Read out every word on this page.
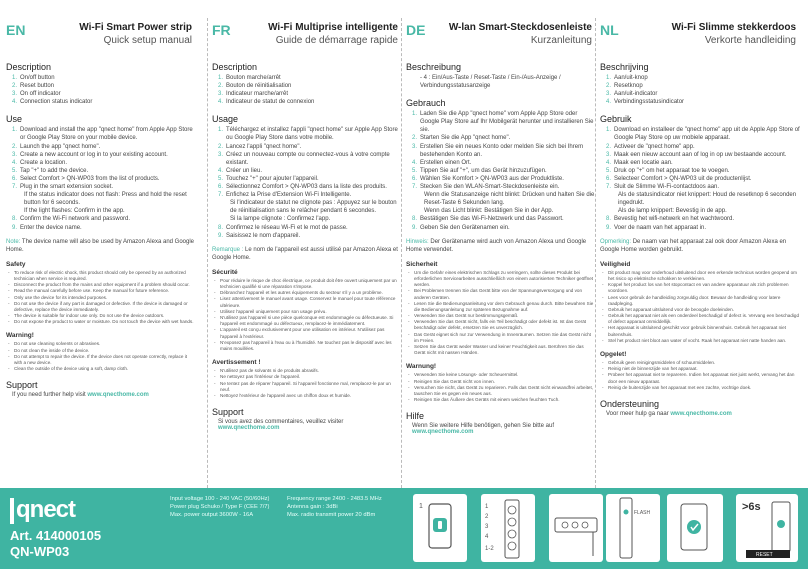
EN	Wi-Fi Smart Power strip
Quick setup manual
Description
1. On/off button
2. Reset button
3. On off indicator
4. Connection status indicator
Use
1. Download and install the app "qnect home" from Apple App Store or Google Play Store on your mobile device.
2. Launch the app "qnect home".
3. Create a new account or log in to your existing account.
4. Create a location.
5. Tap "+" to add the device.
6. Select Comfort > QN-WP03 from the list of products.
7. Plug in the smart extension socket.
If the status indicator does not flash: Press and hold the reset button for 6 seconds.
If the light flashes: Confirm in the app.
8. Confirm the Wi-Fi network and password.
9. Enter the device name.
Note: The device name will also be used by Amazon Alexa and Google Home.
Safety
- To reduce risk of electric shock, this product should only be opened by an authorized technician when service is required.
- Disconnect the product from the mains and other equipment if a problem should occur.
- Read the manual carefully before use. Keep the manual for future reference.
- Only use the device for its intended purposes.
- Do not use the device if any part is damaged or defective. If the device is damaged or defective, replace the device immediately.
- The device is suitable for indoor use only. Do not use the device outdoors.
- Do not expose the product to water or moisture. Do not touch the device with wet hands.
Warning!
- Do not use cleaning solvents or abrasives.
- Do not clean the inside of the device.
- Do not attempt to repair the device. If the device does not operate correctly, replace it with a new device.
- Clean the outside of the device using a soft, damp cloth.
Support
If you need further help visit www.qnecthome.com
FR	Wi-Fi Multiprise intelligente
Guide de démarrage rapide
Description
1. Bouton marche/arrêt
2. Bouton de réinitialisation
3. Indicateur marche/arrêt
4. Indicateur de statut de connexion
Usage
1. Téléchargez et installez l'appli "qnect home" sur Apple App Store ou Google Play Store dans votre mobile.
2. Lancez l'appli "qnect home".
3. Créez un nouveau compte ou connectez-vous à votre compte existant.
4. Créer un lieu.
5. Touchez "+" pour ajouter l'appareil.
6. Sélectionnez Comfort > QN-WP03 dans la liste des produits.
7. Enfichez la Prise d'Extension Wi-Fi Intelligente.
Si l'indicateur de statut ne clignote pas : Appuyez sur le bouton de réinitialisation sans le relâcher pendant 6 secondes.
Si la lampe clignote : Confirmez l'app.
8. Confirmez le réseau Wi-Fi et le mot de passe.
9. Saisissez le nom d'appareil.
Remarque : Le nom de l'appareil est aussi utilisé par Amazon Alexa et Google Home.
Sécurité
- Pour réduire le risque de choc électrique, ce produit doit être ouvert uniquement par un technicien qualifié si une réparation s'impose.
- Débranchez l'appareil et les autres équipements du secteur s'il y a un problème.
- Lisez attentivement le manuel avant usage. Conservez le manuel pour toute référence ultérieure.
- Utilisez l'appareil uniquement pour son usage prévu.
- N'utilisez pas l'appareil si une pièce quelconque est endommagée ou défectueuse. Si l'appareil est endommagé ou défectueux, remplacez-le immédiatement.
- L'appareil est conçu exclusivement pour une utilisation en intérieur. N'utilisez pas l'appareil à l'extérieur.
- N'exposez pas l'appareil à l'eau ou à l'humidité. Ne touchez pas le dispositif avec les mains mouillées.
Avertissement !
- N'utilisez pas de solvants ni de produits abrasifs.
- Ne nettoyez pas l'intérieur de l'appareil.
- Ne tentez pas de réparer l'appareil. Si l'appareil fonctionne mal, remplacez-le par un neuf.
- Nettoyez l'extérieur de l'appareil avec un chiffon doux et humide.
Support
Si vous avez des commentaires, veuillez visiter www.qnecthome.com
DE W-lan Smart-Steckdosenleiste
Kurzanleitung
Beschreibung
- 4 : Ein/Aus-Taste / Reset-Taste / Ein-/Aus-Anzeige / Verbindungsstatusanzeige
Gebrauch
1. Laden Sie die App "qnect home" vom Apple App Store oder Google Play Store auf Ihr Mobilgerät herunter und installieren Sie sie.
2. Starten Sie die App "qnect home".
3. Erstellen Sie ein neues Konto oder melden Sie sich bei Ihrem bestehenden Konto an.
4. Erstellen einen Ort.
5. Tippen Sie auf "+", um das Gerät hinzuzufügen.
6. Wählen Sie Komfort > QN-WP03 aus der Produktliste.
7. Stecken Sie den WLAN-Smart-Steckdosenleiste ein.
Wenn die Statusanzeige nicht blinkt: Drücken und halten Sie die Reset-Taste 6 Sekunden lang.
Wenn das Licht blinkt: Bestätigen Sie in der App.
8. Bestätigen Sie das Wi-Fi-Netzwerk und das Passwort.
9. Geben Sie den Gerätenamen ein.
Hinweis: Der Gerätename wird auch von Amazon Alexa und Google Home verwendet.
Sicherheit
- Um die Gefahr eines elektrischen Schlags zu verringern, sollte dieses Produkt bei erforderlichen Servicearbeiten ausschließlich von einem autorisierten Techniker geöffnet werden.
- Bei Problemen trennen Sie das Gerät bitte von der Spannungsversorgung und von anderen Geräten.
- Lesen Sie die Bedienungsanleitung vor dem Gebrauch genau durch. Bitte bewahren Sie die Bedienungsanleitung zur späteren Bezugnahme auf.
- Verwenden Sie das Gerät nur bestimmungsgemäß.
- Verwenden Sie das Gerät nicht, falls ein Teil beschädigt oder defekt ist. Ist das Gerät beschädigt oder defekt, ersetzen Sie es unverzüglich.
- Das Gerät eignet sich nur zur Verwendung in Innenräumen. Setzen Sie das Gerät nicht im Freien.
- Setzen Sie das Gerät weder Wasser und keiner Feuchtigkeit aus. Berühren Sie das Gerät nicht mit nassen Händen.
Warnung!
- Verwenden Sie keine Lösungs- oder Scheuermittel.
- Reinigen Sie das Gerät nicht von innen.
- Versuchen Sie nicht, das Gerät zu reparieren. Falls das Gerät nicht einwandfrei arbeitet, tauschen Sie es gegen ein neues aus.
- Reinigen Sie das Äußere des Geräts mit einem weichen feuchten Tuch.
Hilfe
Wenn Sie weitere Hilfe benötigen, gehen Sie bitte auf www.qnecthome.com
NL	Wi-Fi Slimme stekkerdoos
Verkorte handleiding
Beschrijving
1. Aan/uit-knop
2. Resetknop
3. Aan/uit-indicator
4. Verbindingsstatusindicator
Gebruik
1. Download en installeer de "qnect home" app uit de Apple App Store of Google Play Store op uw mobiele apparaat.
2. Activeer de "qnect home" app.
3. Maak een nieuw account aan of log in op uw bestaande account.
4. Maak een locatie aan.
5. Druk op "+" om het apparaat toe te voegen.
6. Selecteer Comfort > QN-WP03 uit de productenlijst.
7. Sluit de Slimme Wi-Fi-contactdoos aan.
Als de statusindicator niet knippert: Houd de resetknop 6 seconden ingedrukt.
Als de lamp knippert: Bevestig in de app.
8. Bevestig het wifi-netwerk en het wachtwoord.
9. Voer de naam van het apparaat in.
Opmerking: De naam van het apparaat zal ook door Amazon Alexa en Google Home worden gebruikt.
Veiligheid
- Dit product mag voor onderhoud uitsluitend door een erkende technicus worden geopend om het risico op elektrische schokken te verkleinen.
- Koppel het product los van het stopcontact en van andere apparatuur als zich problemen voordoen.
- Lees voor gebruik de handleiding zorgvuldig door. Bewaar de handleiding voor latere raadpleging.
- Gebruik het apparaat uitsluitend voor de beoogde doeleinden.
- Gebruik het apparaat niet als een onderdeel beschadigd of defect is. Vervang een beschadigd of defect apparaat onmiddellijk.
- Het apparaat is uitsluitend geschikt voor gebruik binnenshuis. Gebruik het apparaat niet buitenshuis.
- Stel het product niet bloot aan water of vocht. Raak het apparaat niet natte handen aan.
Opgelet!
- Gebruik geen reinigingsmiddelen of schuurmiddelen.
- Reinig niet de binnenzijde van het apparaat.
- Probeer het apparaat niet te repareren. Indien het apparaat niet juist werkt, vervang het dan door een nieuw apparaat.
- Reinig de buitenzijde van het apparaat met een zachte, vochtige doek.
Ondersteuning
Voor meer hulp ga naar www.qnecthome.com
qnect
Art. 414000105
QN-WP03
Input voltage 100 - 240 VAC (50/60Hz)
Power plug Schuko / Type F (CEE 7/7)
Max. power output 3600W - 16A
Frequency range 2400 - 2483.5 MHz
Antenna gain : 3dBi
Max. radio transmit power 20 dBm
1	1
2
3
4
1-2
FLASH	>6s
RESET
